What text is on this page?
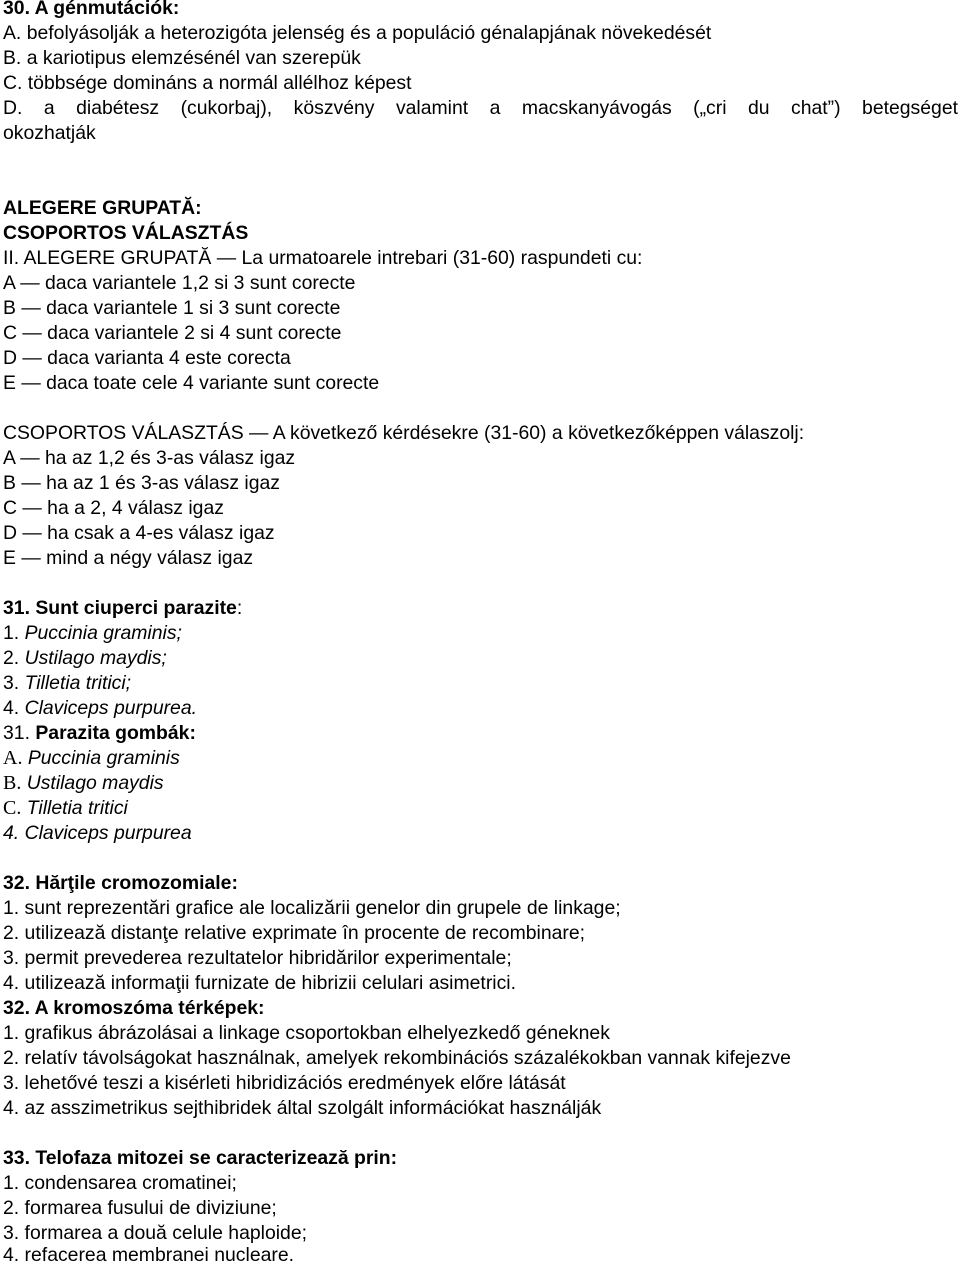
30. A génmutációk:
A. befolyásolják a heterozigóta jelenség és a populáció génalapjának növekedését
B. a kariotipus elemzésénél van szerepük
C. többsége domináns a normál allélhoz képest
D. a diabétesz (cukorbaj), köszvény valamint a macskanyávogás („cri du chat”) betegséget
okozhatják
ALEGERE GRUPATĂ:
CSOPORTOS VÁLASZTÁS
II. ALEGERE GRUPATĂ — La urmatoarele intrebari (31-60) raspundeti cu:
A — daca variantele 1,2 si 3 sunt corecte
B — daca variantele 1 si 3 sunt corecte
C — daca variantele 2 si 4 sunt corecte
D — daca varianta 4 este corecta
E — daca toate cele 4 variante sunt corecte
CSOPORTOS VÁLASZTÁS — A következő kérdésekre (31-60) a következőképpen válaszolj:
A — ha az 1,2 és 3-as válasz igaz
B — ha az 1 és 3-as válasz igaz
C — ha a 2, 4 válasz igaz
D — ha csak a 4-es válasz igaz
E — mind a négy válasz igaz
31. Sunt ciuperci parazite:
1. Puccinia graminis;
2. Ustilago maydis;
3. Tilletia tritici;
4. Claviceps purpurea.
31. Parazita gombák:
A. Puccinia graminis
B. Ustilago maydis
C. Tilletia tritici
4. Claviceps purpurea
32. Hărţile cromozomiale:
1. sunt reprezentări grafice ale localizării genelor din grupele de linkage;
2. utilizează distanţe relative exprimate în procente de recombinare;
3. permit prevederea rezultatelor hibridărilor experimentale;
4. utilizează informaţii furnizate de hibrizii celulari asimetrici.
32. A kromoszóma térképek:
1. grafikus ábrázolásai a linkage csoportokban elhelyezkedő géneknek
2. relatív távolságokat használnak, amelyek rekombinációs százalékokban vannak kifejezve
3. lehetővé teszi a kisérleti hibridizációs eredmények előre látását
4. az asszimetrikus sejthibridek által szolgált információkat használják
33. Telofaza mitozei se caracterizează prin:
1. condensarea cromatinei;
2. formarea fusului de diviziune;
3. formarea a două celule haploide;
4. refacerea membranei nucleare.
